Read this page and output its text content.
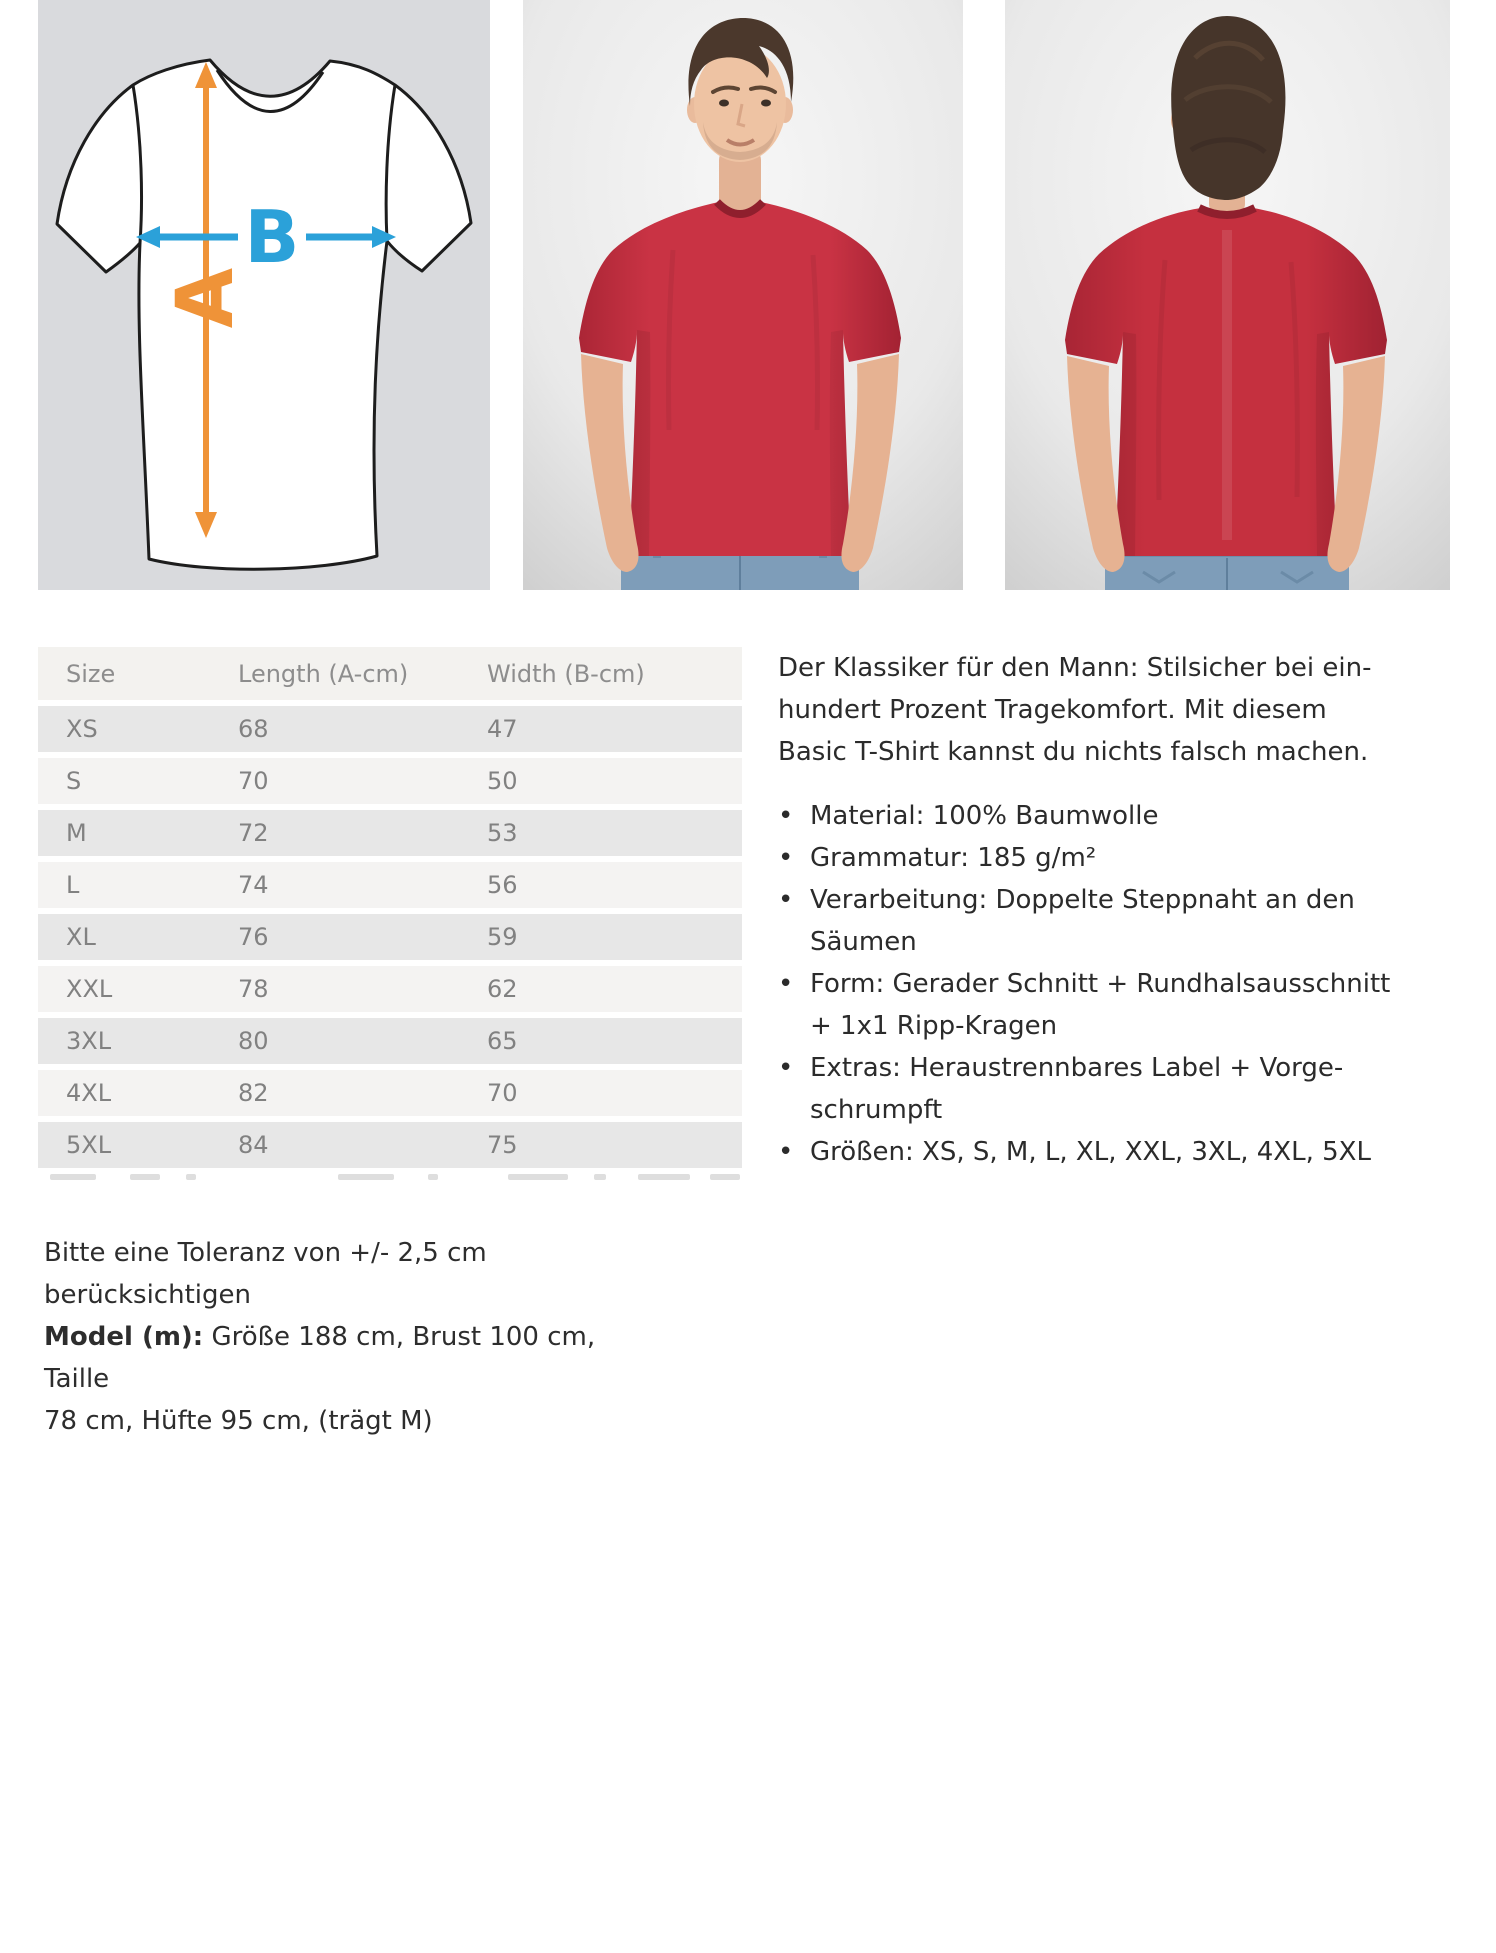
A
B
Size	Length (A-cm)	Width (B-cm)
XS	68	47
S	70	50
M	72	53
L	74	56
XL	76	59
XXL	78	62
3XL	80	65
4XL	82	70
5XL	84	75
Bitte eine Toleranz von +/- 2,5 cm berücksichtigen
Model (m): Größe 188 cm, Brust 100 cm, Taille
78 cm, Hüfte 95 cm, (trägt M)
Der Klassiker für den Mann: Stilsicher bei ein-
hundert Prozent Tragekomfort. Mit diesem
Basic T-Shirt kannst du nichts falsch machen.
• Material: 100% Baumwolle
• Grammatur: 185 g/m²
• Verarbeitung: Doppelte Steppnaht an den
Säumen
• Form: Gerader Schnitt + Rundhalsausschnitt
+ 1x1 Ripp-Kragen
• Extras: Heraustrennbares Label + Vorge-
schrumpft
• Größen: XS, S, M, L, XL, XXL, 3XL, 4XL, 5XL
